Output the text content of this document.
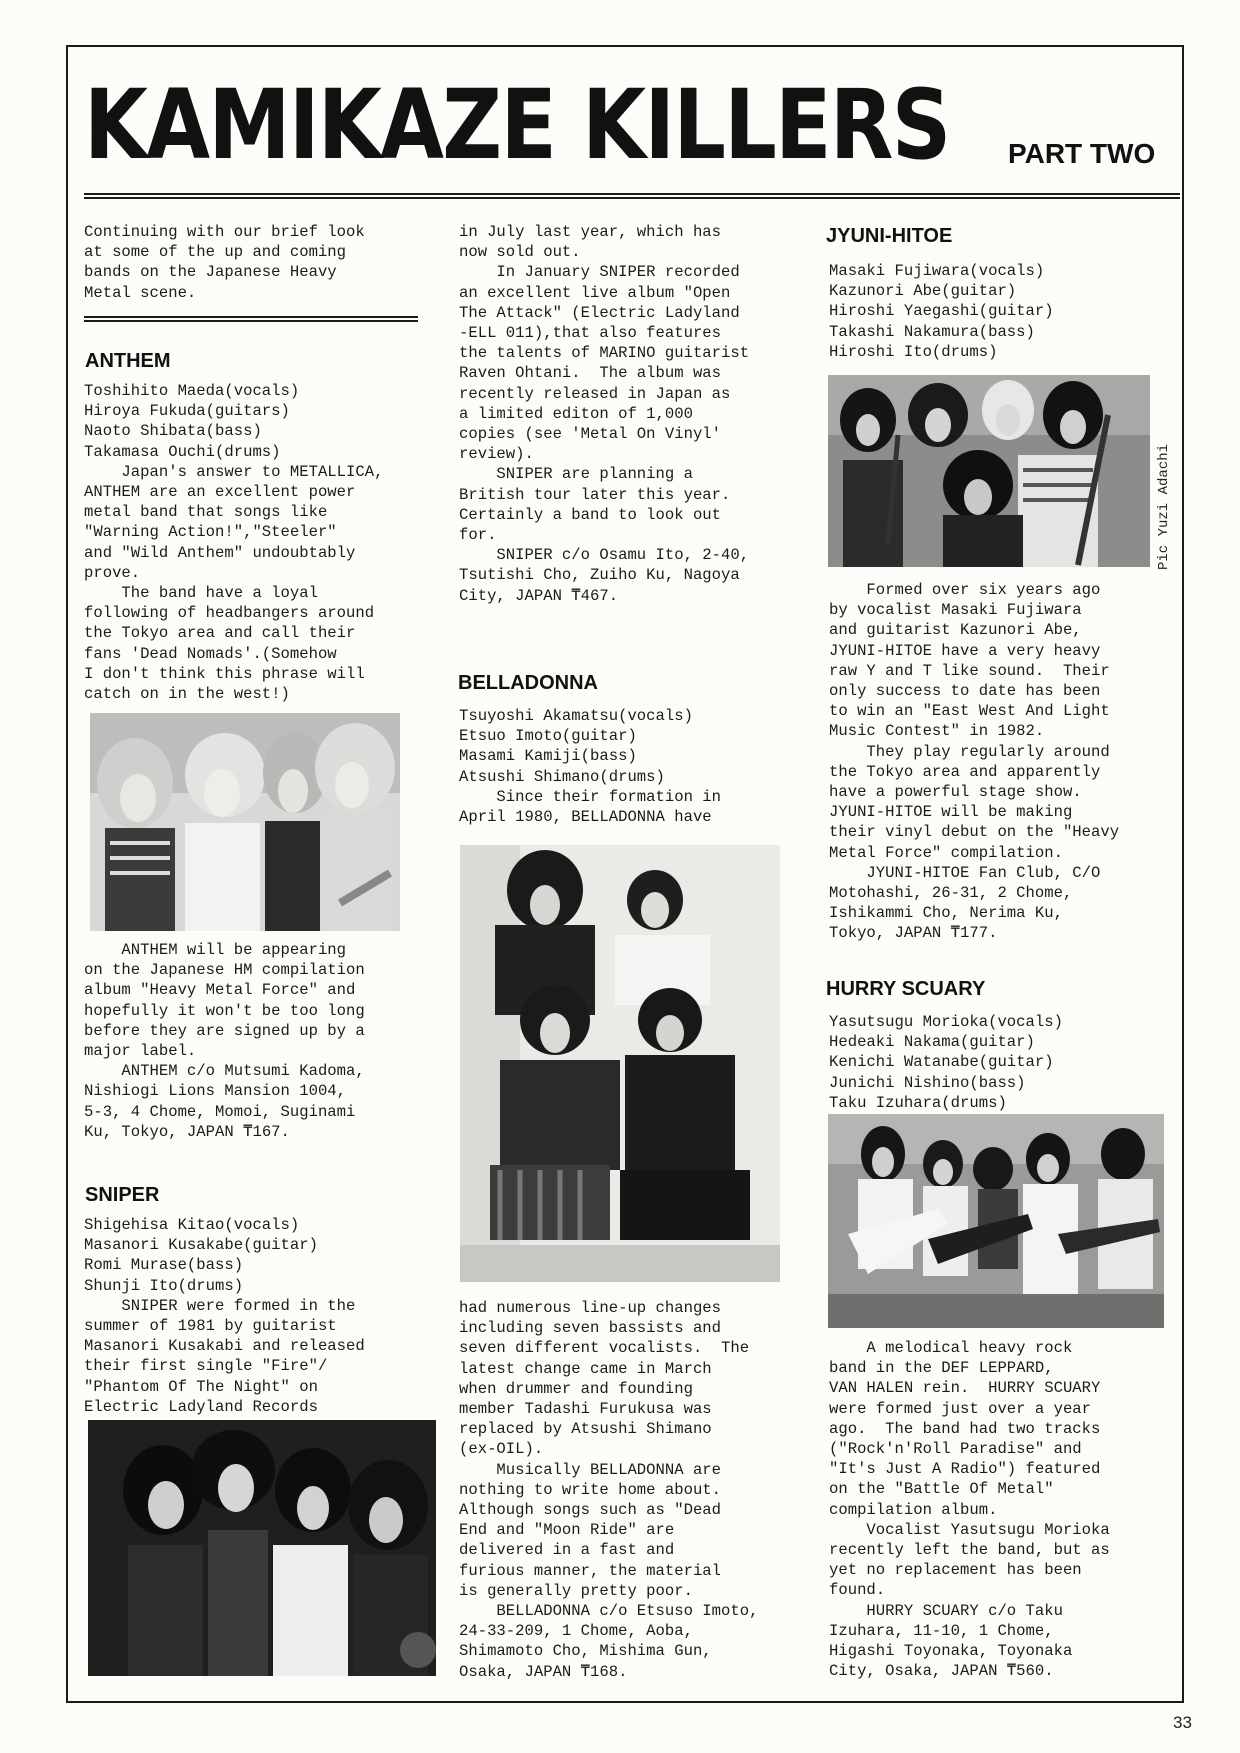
KAMIKAZE KILLERS PART TWO
Continuing with our brief look
at some of the up and coming
bands on the Japanese Heavy
Metal scene.
ANTHEM
Toshihito Maeda(vocals)
Hiroya Fukuda(guitars)
Naoto Shibata(bass)
Takamasa Ouchi(drums)
Japan's answer to METALLICA,
ANTHEM are an excellent power
metal band that songs like
"Warning Action!","Steeler"
and "Wild Anthem" undoubtably
prove.
The band have a loyal
following of headbangers around
the Tokyo area and call their
fans 'Dead Nomads'.(Somehow
I don't think this phrase will
catch on in the west!)
ANTHEM will be appearing
on the Japanese HM compilation
album "Heavy Metal Force" and
hopefully it won't be too long
before they are signed up by a
major label.
ANTHEM c/o Mutsumi Kadoma,
Nishiogi Lions Mansion 1004,
5-3, 4 Chome, Momoi, Suginami
Ku, Tokyo, JAPAN ₸167.
SNIPER
Shigehisa Kitao(vocals)
Masanori Kusakabe(guitar)
Romi Murase(bass)
Shunji Ito(drums)
SNIPER were formed in the
summer of 1981 by guitarist
Masanori Kusakabi and released
their first single "Fire"/
"Phantom Of The Night" on
Electric Ladyland Records
in July last year, which has
now sold out.
In January SNIPER recorded
an excellent live album "Open
The Attack" (Electric Ladyland
-ELL 011),that also features
the talents of MARINO guitarist
Raven Ohtani.  The album was
recently released in Japan as
a limited editon of 1,000
copies (see 'Metal On Vinyl'
review).
SNIPER are planning a
British tour later this year.
Certainly a band to look out
for.
SNIPER c/o Osamu Ito, 2-40,
Tsutishi Cho, Zuiho Ku, Nagoya
City, JAPAN ₸467.
BELLADONNA
Tsuyoshi Akamatsu(vocals)
Etsuo Imoto(guitar)
Masami Kamiji(bass)
Atsushi Shimano(drums)
Since their formation in
April 1980, BELLADONNA have
had numerous line-up changes
including seven bassists and
seven different vocalists.  The
latest change came in March
when drummer and founding
member Tadashi Furukusa was
replaced by Atsushi Shimano
(ex-OIL).
Musically BELLADONNA are
nothing to write home about.
Although songs such as "Dead
End and "Moon Ride" are
delivered in a fast and
furious manner, the material
is generally pretty poor.
BELLADONNA c/o Etsuso Imoto,
24-33-209, 1 Chome, Aoba,
Shimamoto Cho, Mishima Gun,
Osaka, JAPAN ₸168.
JYUNI-HITOE
Masaki Fujiwara(vocals)
Kazunori Abe(guitar)
Hiroshi Yaegashi(guitar)
Takashi Nakamura(bass)
Hiroshi Ito(drums)
Pic Yuzi Adachi
Formed over six years ago
by vocalist Masaki Fujiwara
and guitarist Kazunori Abe,
JYUNI-HITOE have a very heavy
raw Y and T like sound.  Their
only success to date has been
to win an "East West And Light
Music Contest" in 1982.
They play regularly around
the Tokyo area and apparently
have a powerful stage show.
JYUNI-HITOE will be making
their vinyl debut on the "Heavy
Metal Force" compilation.
JYUNI-HITOE Fan Club, C/O
Motohashi, 26-31, 2 Chome,
Ishikammi Cho, Nerima Ku,
Tokyo, JAPAN ₸177.
HURRY SCUARY
Yasutsugu Morioka(vocals)
Hedeaki Nakama(guitar)
Kenichi Watanabe(guitar)
Junichi Nishino(bass)
Taku Izuhara(drums)
A melodical heavy rock
band in the DEF LEPPARD,
VAN HALEN rein.  HURRY SCUARY
were formed just over a year
ago.  The band had two tracks
("Rock'n'Roll Paradise" and
"It's Just A Radio") featured
on the "Battle Of Metal"
compilation album.
Vocalist Yasutsugu Morioka
recently left the band, but as
yet no replacement has been
found.
HURRY SCUARY c/o Taku
Izuhara, 11-10, 1 Chome,
Higashi Toyonaka, Toyonaka
City, Osaka, JAPAN ₸560.
33
